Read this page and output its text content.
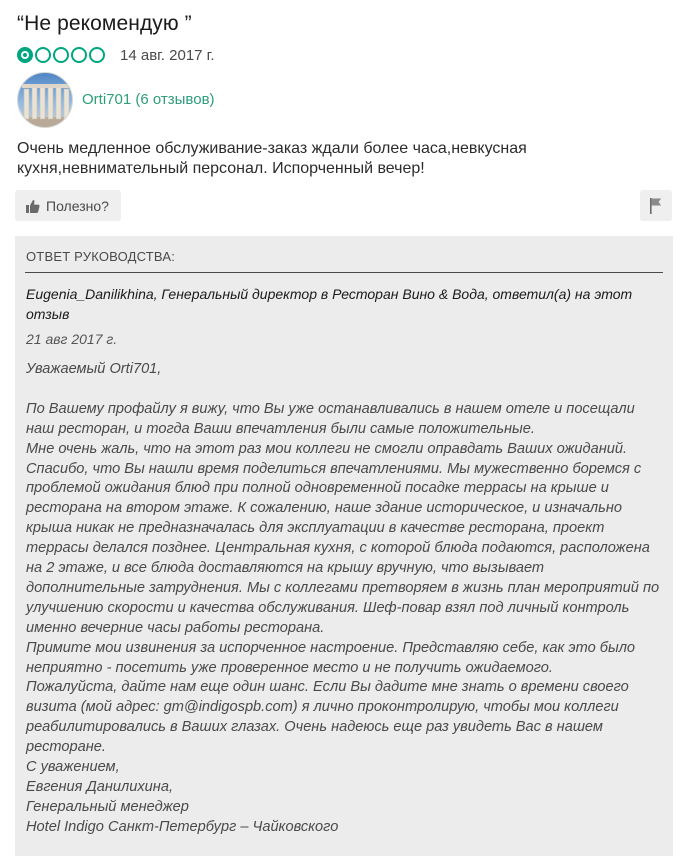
“Не рекомендую ”
14 авг. 2017 г.
Orti701 (6 отзывов)
Очень медленное обслуживание-заказ ждали более часа,невкусная кухня,невнимательный персонал. Испорченный вечер!
Полезно?
ОТВЕТ РУКОВОДСТВА:
Eugenia_Danilikhina, Генеральный директор в Ресторан Вино & Вода, ответил(а) на этот отзыв
21 авг 2017 г.

Уважаемый Orti701,

По Вашему профайлу я вижу, что Вы уже останавливались в нашем отеле и посещали наш ресторан, и тогда Ваши впечатления были самые положительные.

Мне очень жаль, что на этот раз мои коллеги не смогли оправдать Ваших ожиданий.

Спасибо, что Вы нашли время поделиться впечатлениями. Мы мужественно боремся с проблемой ожидания блюд при полной одновременной посадке террасы на крыше и ресторана на втором этаже. К сожалению, наше здание историческое, и изначально крыша никак не предназначалась для эксплуатации в качестве ресторана, проект террасы делался позднее. Центральная кухня, с которой блюда подаются, расположена на 2 этаже, и все блюда доставляются на крышу вручную, что вызывает дополнительные затруднения. Мы с коллегами претворяем в жизнь план мероприятий по улучшению скорости и качества обслуживания. Шеф-повар взял под личный контроль именно вечерние часы работы ресторана.

Примите мои извинения за испорченное настроение. Представляю себе, как это было неприятно - посетить уже проверенное место и не получить ожидаемого.

Пожалуйста, дайте нам еще один шанс. Если Вы дадите мне знать о времени своего визита (мой адрес: gm@indigospb.com) я лично проконтролирую, чтобы мои коллеги реабилитировались в Ваших глазах. Очень надеюсь еще раз увидеть Вас в нашем ресторане.

С уважением,

Евгения Данилихина,

Генеральный менеджер

Hotel Indigo Санкт-Петербург – Чайковского
